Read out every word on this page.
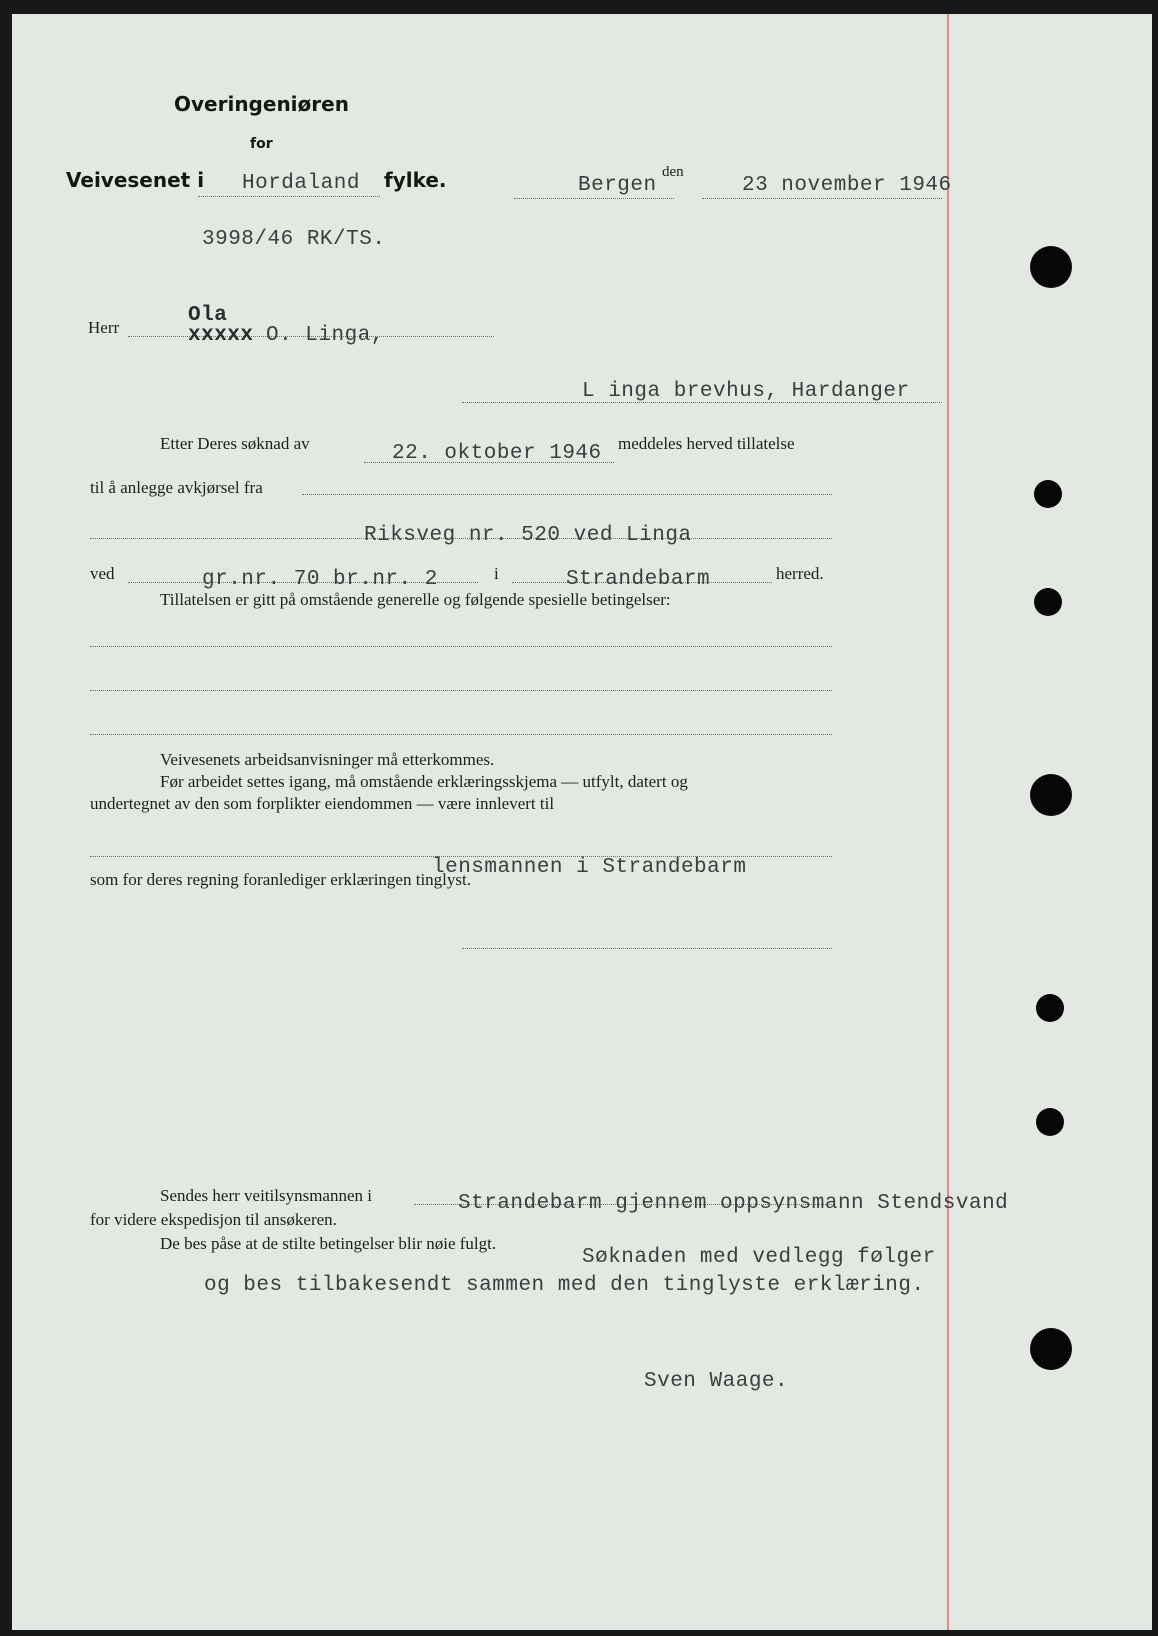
Overingeniøren
for
Veivesenet i Hordaland fylke.	Bergen
den
23 november 1946
3998/46 RK/TS.
Herr
Ola
xxxxx O. Linga,
L inga brevhus, Hardanger
Etter Deres søknad av	22. oktober 1946 meddeles herved tillatelse
til å anlegge avkjørsel fra
Riksveg nr. 520 ved Linga
ved	gr.nr. 70 br.nr. 2	i	Strandebarm	herred.
Tillatelsen er gitt på omstående generelle og følgende spesielle betingelser:
Veivesenets arbeidsanvisninger må etterkommes.
Før arbeidet settes igang, må omstående erklæringsskjema — utfylt, datert og
undertegnet av den som forplikter eiendommen — være innlevert til
lensmannen i Strandebarm
som for deres regning foranlediger erklæringen tinglyst.
Sendes herr veitilsynsmannen i	Strandebarm gjennem oppsynsmann Stendsvand
for videre ekspedisjon til ansøkeren.
De bes påse at de stilte betingelser blir nøie fulgt.
Søknaden med vedlegg følger
og bes tilbakesendt sammen med den tinglyste erklæring.
Sven Waage.
